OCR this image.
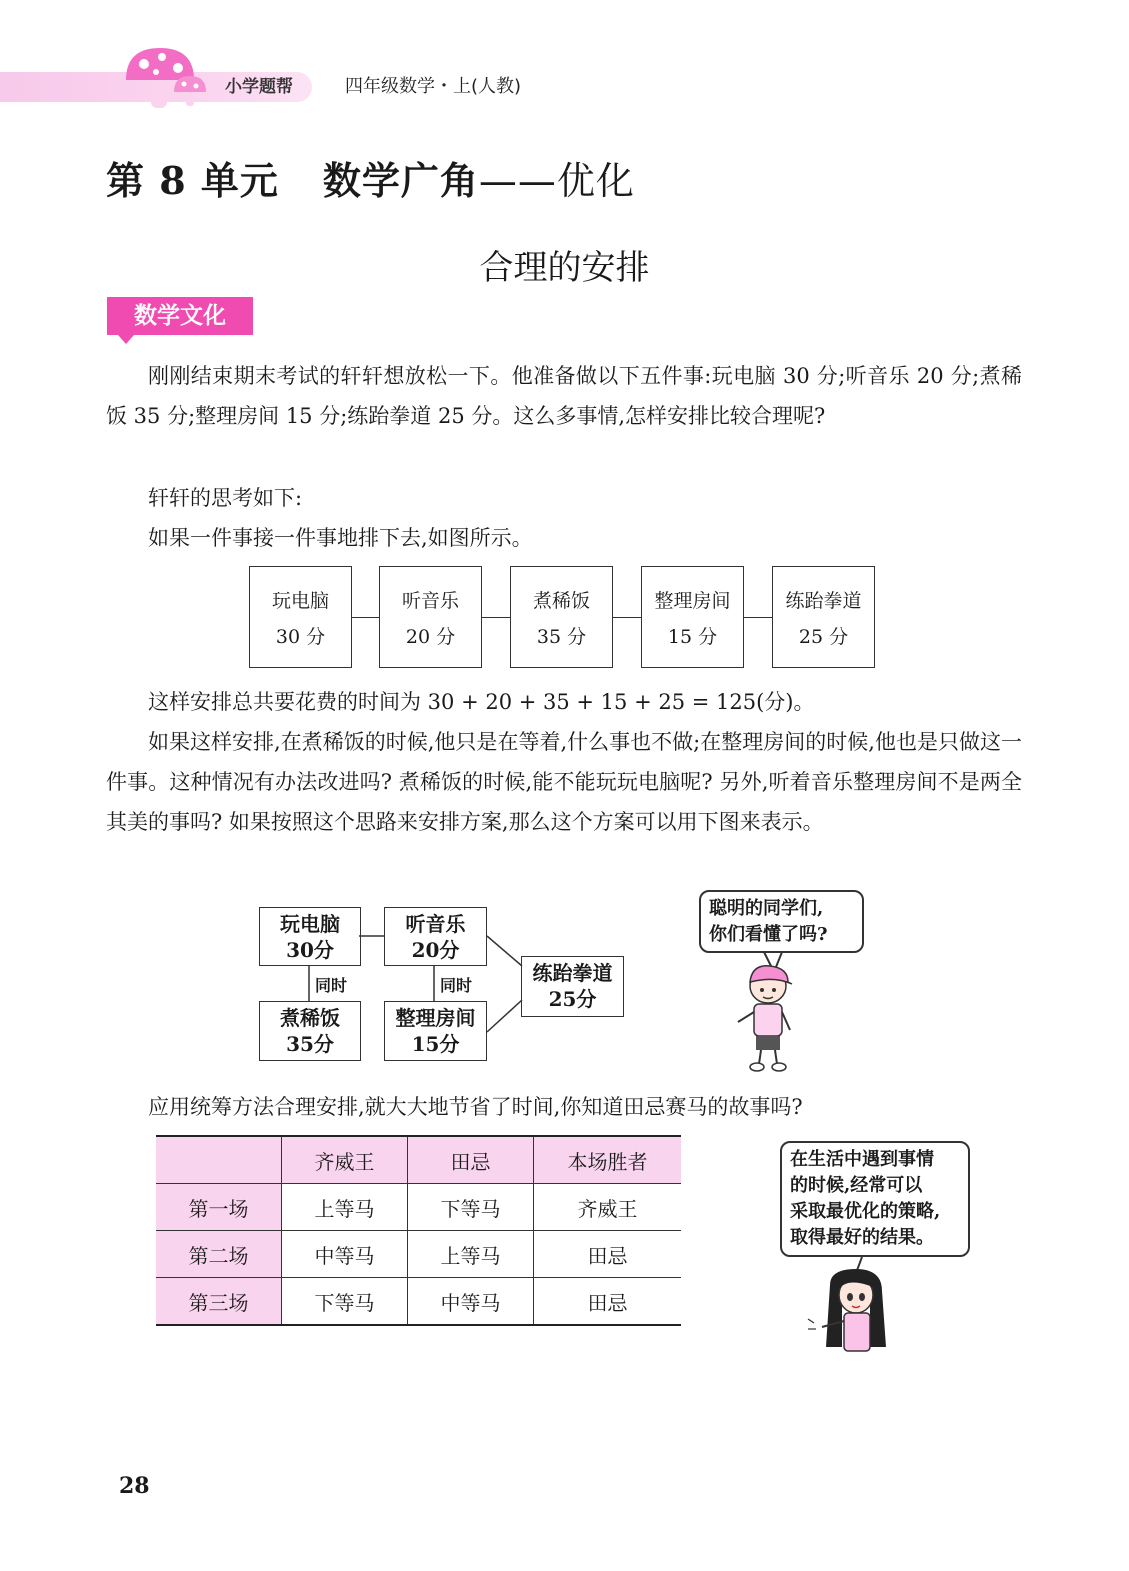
小学题帮	四年级数学・上(人教)
第 8 单元 数学广角——优化
合理的安排
数学文化
刚刚结束期末考试的轩轩想放松一下。他准备做以下五件事:玩电脑 30 分;听音乐 20 分;煮稀饭 35 分;整理房间 15 分;练跆拳道 25 分。这么多事情,怎样安排比较合理呢?
轩轩的思考如下:
如果一件事接一件事地排下去,如图所示。
玩电脑
30 分
听音乐
20 分
煮稀饭
35 分
整理房间
15 分
练跆拳道
25 分
这样安排总共要花费的时间为 30 + 20 + 35 + 15 + 25 = 125(分)。
如果这样安排,在煮稀饭的时候,他只是在等着,什么事也不做;在整理房间的时候,他也是只做这一件事。这种情况有办法改进吗? 煮稀饭的时候,能不能玩玩电脑呢? 另外,听着音乐整理房间不是两全其美的事吗? 如果按照这个思路来安排方案,那么这个方案可以用下图来表示。
玩电脑
30分
听音乐
20分
同时	同时
煮稀饭
35分
整理房间
15分
练跆拳道
25分
聪明的同学们,
你们看懂了吗?
应用统筹方法合理安排,就大大地节省了时间,你知道田忌赛马的故事吗?
	齐威王	田忌	本场胜者
第一场	上等马	下等马	齐威王
第二场	中等马	上等马	田忌
第三场	下等马	中等马	田忌
在生活中遇到事情
的时候,经常可以
采取最优化的策略,
取得最好的结果。
28
